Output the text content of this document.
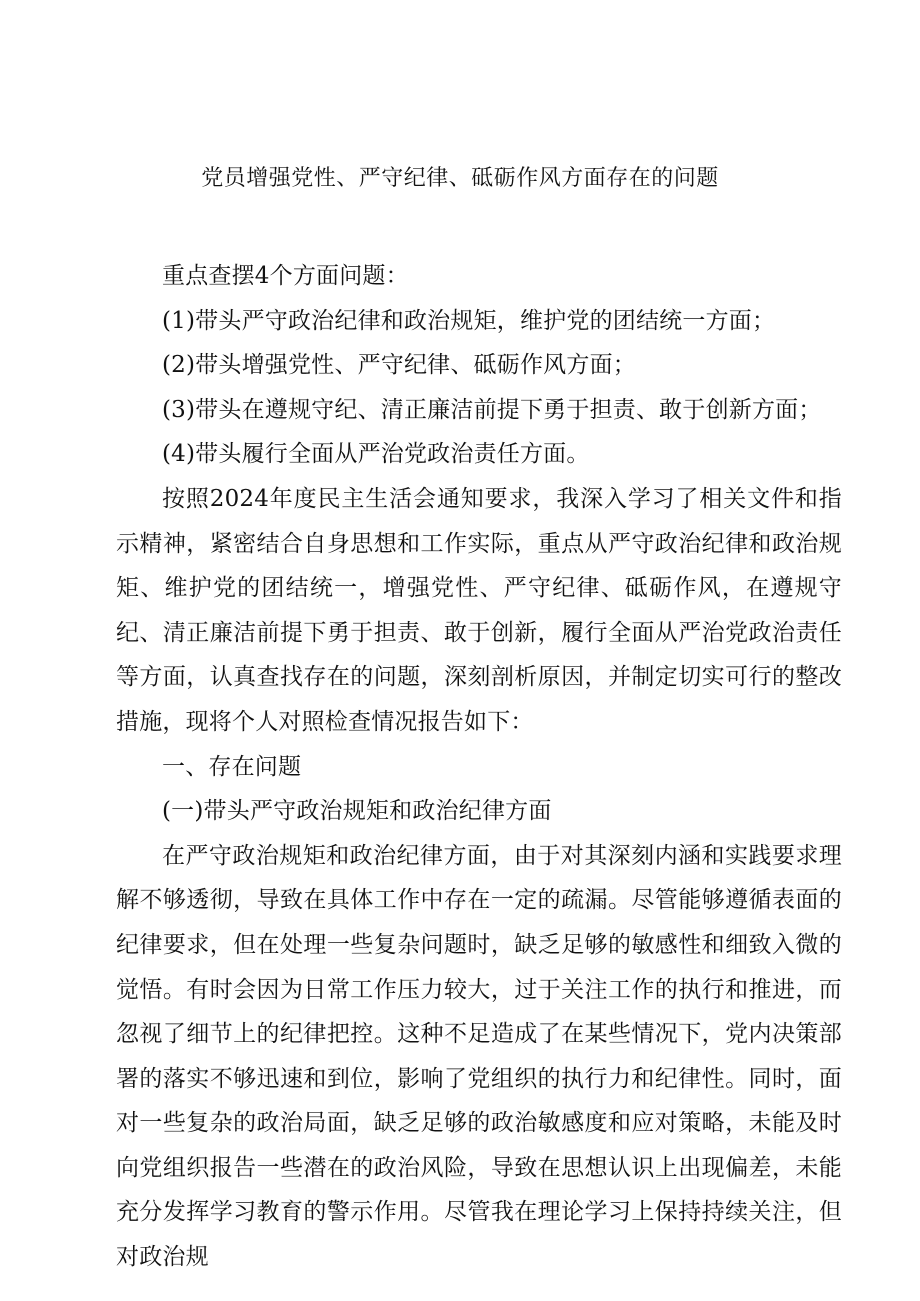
党员增强党性、严守纪律、砥砺作风方面存在的问题

重点查摆4个方面问题：

(1)带头严守政治纪律和政治规矩，维护党的团结统一方面；

(2)带头增强党性、严守纪律、砥砺作风方面；

(3)带头在遵规守纪、清正廉洁前提下勇于担责、敢于创新方面；

(4)带头履行全面从严治党政治责任方面。

按照2024年度民主生活会通知要求，我深入学习了相关文件和指示精神，紧密结合自身思想和工作实际，重点从严守政治纪律和政治规矩、维护党的团结统一，增强党性、严守纪律、砥砺作风，在遵规守纪、清正廉洁前提下勇于担责、敢于创新，履行全面从严治党政治责任等方面，认真查找存在的问题，深刻剖析原因，并制定切实可行的整改措施，现将个人对照检查情况报告如下：

一、存在问题

(一)带头严守政治规矩和政治纪律方面

在严守政治规矩和政治纪律方面，由于对其深刻内涵和实践要求理解不够透彻，导致在具体工作中存在一定的疏漏。尽管能够遵循表面的纪律要求，但在处理一些复杂问题时，缺乏足够的敏感性和细致入微的觉悟。有时会因为日常工作压力较大，过于关注工作的执行和推进，而忽视了细节上的纪律把控。这种不足造成了在某些情况下，党内决策部署的落实不够迅速和到位，影响了党组织的执行力和纪律性。同时，面对一些复杂的政治局面，缺乏足够的政治敏感度和应对策略，未能及时向党组织报告一些潜在的政治风险，导致在思想认识上出现偏差，未能充分发挥学习教育的警示作用。尽管我在理论学习上保持持续关注，但对政治规
